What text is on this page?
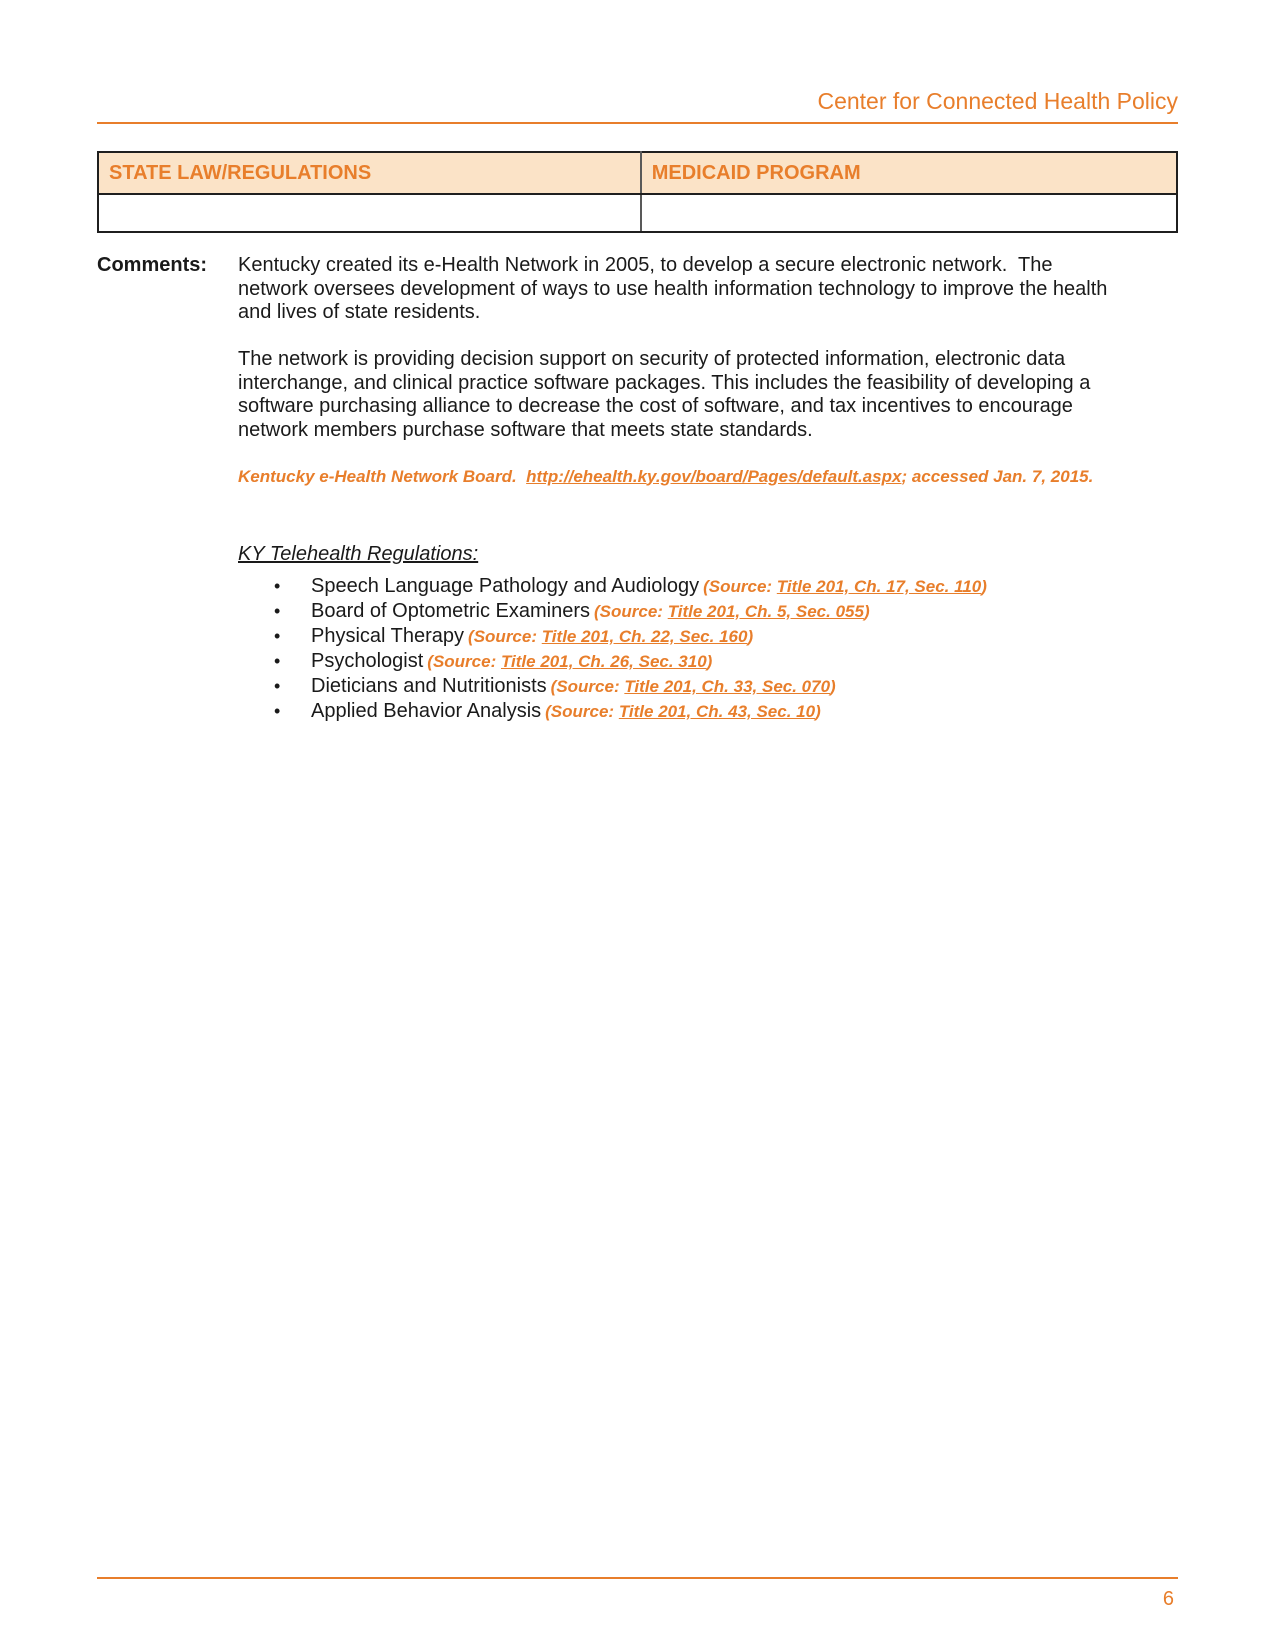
Center for Connected Health Policy
STATE LAW/REGULATIONS	MEDICAID PROGRAM

Comments:	Kentucky created its e-Health Network in 2005, to develop a secure electronic network.  The network oversees development of ways to use health information technology to improve the health and lives of state residents.

The network is providing decision support on security of protected information, electronic data interchange, and clinical practice software packages. This includes the feasibility of developing a software purchasing alliance to decrease the cost of software, and tax incentives to encourage network members purchase software that meets state standards.

Kentucky e-Health Network Board.  http://ehealth.ky.gov/board/Pages/default.aspx; accessed Jan. 7, 2015.

KY Telehealth Regulations:
• Speech Language Pathology and Audiology (Source: Title 201, Ch. 17, Sec. 110)
• Board of Optometric Examiners (Source: Title 201, Ch. 5, Sec. 055)
• Physical Therapy (Source: Title 201, Ch. 22, Sec. 160)
• Psychologist (Source: Title 201, Ch. 26, Sec. 310)
• Dieticians and Nutritionists (Source: Title 201, Ch. 33, Sec. 070)
• Applied Behavior Analysis (Source: Title 201, Ch. 43, Sec. 10)
6
